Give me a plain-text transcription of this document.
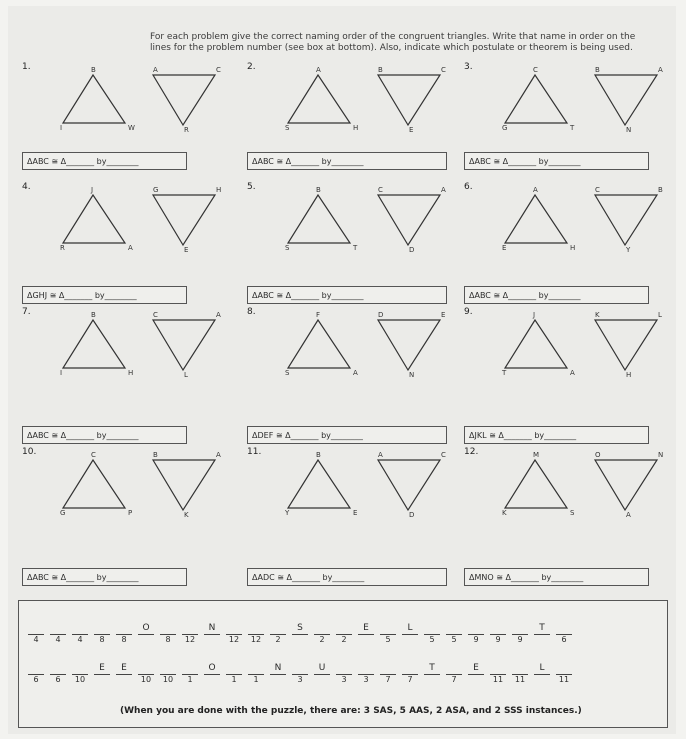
For each problem give the correct naming order of the congruent triangles. Write that name in order on the lines for the problem number (see box at bottom). Also, indicate which postulate or theorem is being used.
1.	B
I	W
A	C
R
ΔABC ≅ Δ_______ by________
2.	A
S	H
B	C
E
ΔABC ≅ Δ_______ by________
3.	C
G	T
B	A
N
ΔABC ≅ Δ_______ by________
4.	J
R	A
G	H
E
ΔGHJ ≅ Δ_______ by________
5.	B
S	T
C	A
D
ΔABC ≅ Δ_______ by________
6.	A
E	H
C	B
Y
ΔABC ≅ Δ_______ by________
7.	B
I	H
C	A
L
ΔABC ≅ Δ_______ by________
8.	F
S	A
D	E
N
ΔDEF ≅ Δ_______ by________
9.	J
T	A
K	L
H
ΔJKL ≅ Δ_______ by________
10.	C
G	P
B	A
K
ΔABC ≅ Δ_______ by________
11.	B
Y	E
A	C
D
ΔADC ≅ Δ_______ by________
12.	M
K	S
O	N
A
ΔMNO ≅ Δ_______ by________
4	4	4	8	8
O
8	12
N
12	12	2
S
2	2
E
5
L
5	5	9	9	9
T
6
6	6	10
E	E
10	10	1
O
1	1
N
3
U
3	3	7	7
T
7
E
11	11
L
11
(When you are done with the puzzle, there are: 3 SAS, 5 AAS, 2 ASA, and 2 SSS instances.)
